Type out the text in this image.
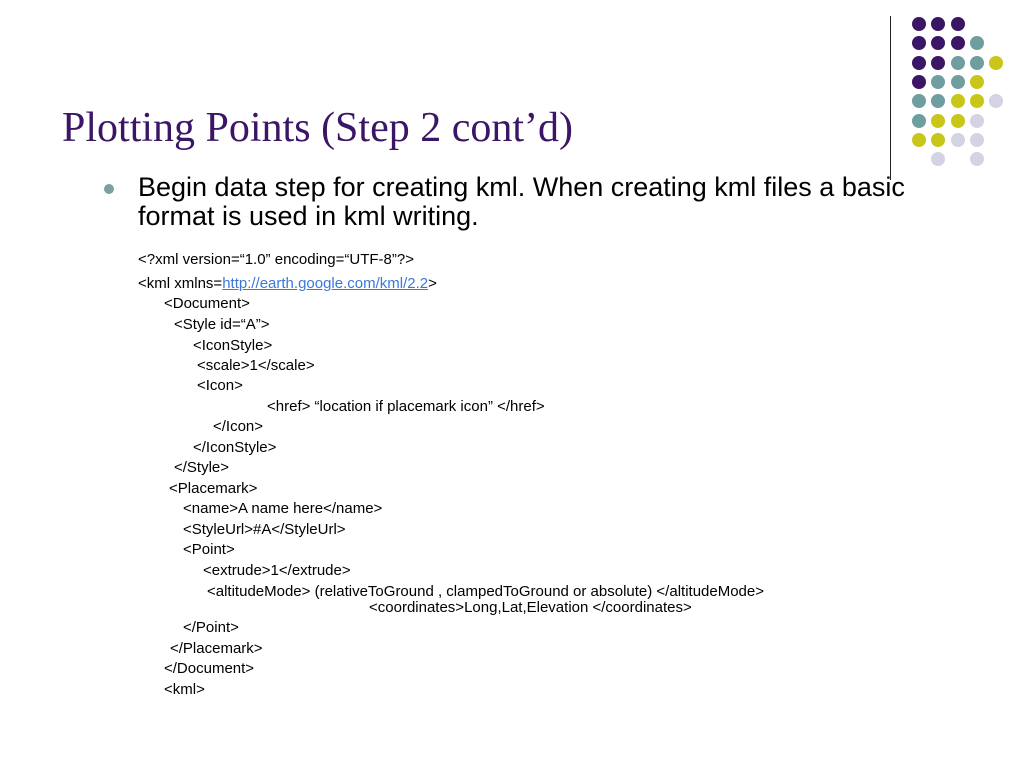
Plotting Points (Step 2 cont’d)

Begin data step for creating kml. When creating kml files a basic format is used in kml writing.

<?xml version=“1.0” encoding=“UTF-8”?>

<kml xmlns=http://earth.google.com/kml/2.2>

<Document>

<Style id=“A”>

<IconStyle>

<scale>1</scale>

<Icon>

<href> “location if placemark icon” </href>

</Icon>

</IconStyle>

</Style>

<Placemark>

<name>A name here</name>

<StyleUrl>#A</StyleUrl>

<Point>

<extrude>1</extrude>

<altitudeMode> (relativeToGround , clampedToGround or absolute) </altitudeMode>

<coordinates>Long,Lat,Elevation </coordinates>

</Point>

</Placemark>

</Document>

<kml>
